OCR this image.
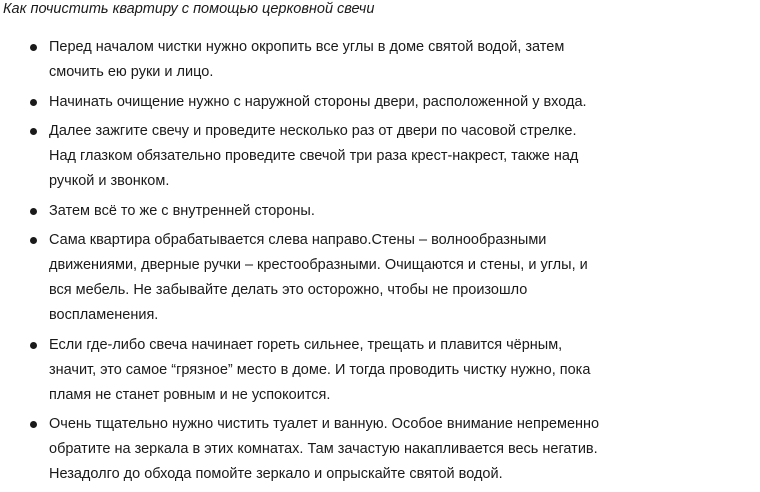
Как почистить квартиру с помощью церковной свечи
Перед началом чистки нужно окропить все углы в доме святой водой, затем
смочить ею руки и лицо.
Начинать очищение нужно с наружной стороны двери, расположенной у входа.
Далее зажгите свечу и проведите несколько раз от двери по часовой стрелке.
Над глазком обязательно проведите свечой три раза крест-накрест, также над
ручкой и звонком.
Затем всё то же с внутренней стороны.
Сама квартира обрабатывается слева направо.Стены – волнообразными
движениями, дверные ручки – крестообразными. Очищаются и стены, и углы, и
вся мебель. Не забывайте делать это осторожно, чтобы не произошло
воспламенения.
Если где-либо свеча начинает гореть сильнее, трещать и плавится чёрным,
значит, это самое “грязное” место в доме. И тогда проводить чистку нужно, пока
пламя не станет ровным и не успокоится.
Очень тщательно нужно чистить туалет и ванную. Особое внимание непременно
обратите на зеркала в этих комнатах. Там зачастую накапливается весь негатив.
Незадолго до обхода помойте зеркало и опрыскайте святой водой.
